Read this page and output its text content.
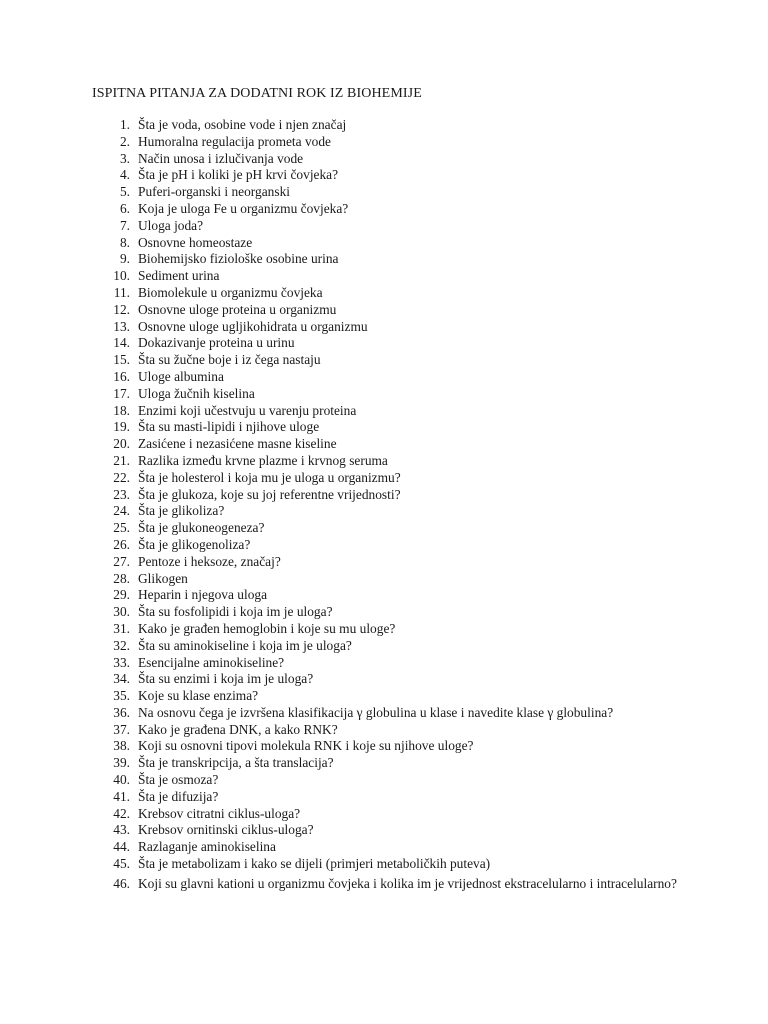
ISPITNA PITANJA ZA DODATNI ROK IZ BIOHEMIJE
1. Šta je voda, osobine vode i njen značaj
2. Humoralna regulacija prometa vode
3. Način unosa i izlučivanja vode
4. Šta je pH i koliki je pH krvi čovjeka?
5. Puferi-organski i neorganski
6. Koja je uloga Fe u organizmu čovjeka?
7. Uloga joda?
8. Osnovne homeostaze
9. Biohemijsko fiziološke osobine urina
10. Sediment urina
11. Biomolekule u organizmu čovjeka
12. Osnovne uloge proteina u organizmu
13. Osnovne uloge ugljikohidrata u organizmu
14. Dokazivanje proteina u urinu
15. Šta su žučne boje i iz čega nastaju
16. Uloge albumina
17. Uloga žučnih kiselina
18. Enzimi koji učestvuju u varenju proteina
19. Šta su masti-lipidi i njihove uloge
20. Zasićene i nezasićene masne kiseline
21. Razlika između krvne plazme i krvnog seruma
22. Šta je holesterol i koja mu je uloga u organizmu?
23. Šta je glukoza, koje su joj referentne vrijednosti?
24. Šta je glikoliza?
25. Šta je glukoneogeneza?
26. Šta je glikogenoliza?
27. Pentoze i heksoze, značaj?
28. Glikogen
29. Heparin i njegova uloga
30. Šta su fosfolipidi i koja im je uloga?
31. Kako je građen hemoglobin i koje su mu uloge?
32. Šta su aminokiseline i koja im je uloga?
33. Esencijalne aminokiseline?
34. Šta su enzimi i koja im je uloga?
35. Koje su klase enzima?
36. Na osnovu čega je izvršena klasifikacija γ globulina u klase i navedite klase γ globulina?
37. Kako je građena DNK, a kako RNK?
38. Koji su osnovni tipovi molekula RNK i koje su njihove uloge?
39. Šta je transkripcija, a šta translacija?
40. Šta je osmoza?
41. Šta je difuzija?
42. Krebsov citratni ciklus-uloga?
43. Krebsov ornitinski ciklus-uloga?
44. Razlaganje aminokiselina
45. Šta je metabolizam i kako se dijeli (primjeri metaboličkih puteva)
46. Koji su glavni kationi u organizmu čovjeka i kolika im je vrijednost ekstracelularno i intracelularno?
